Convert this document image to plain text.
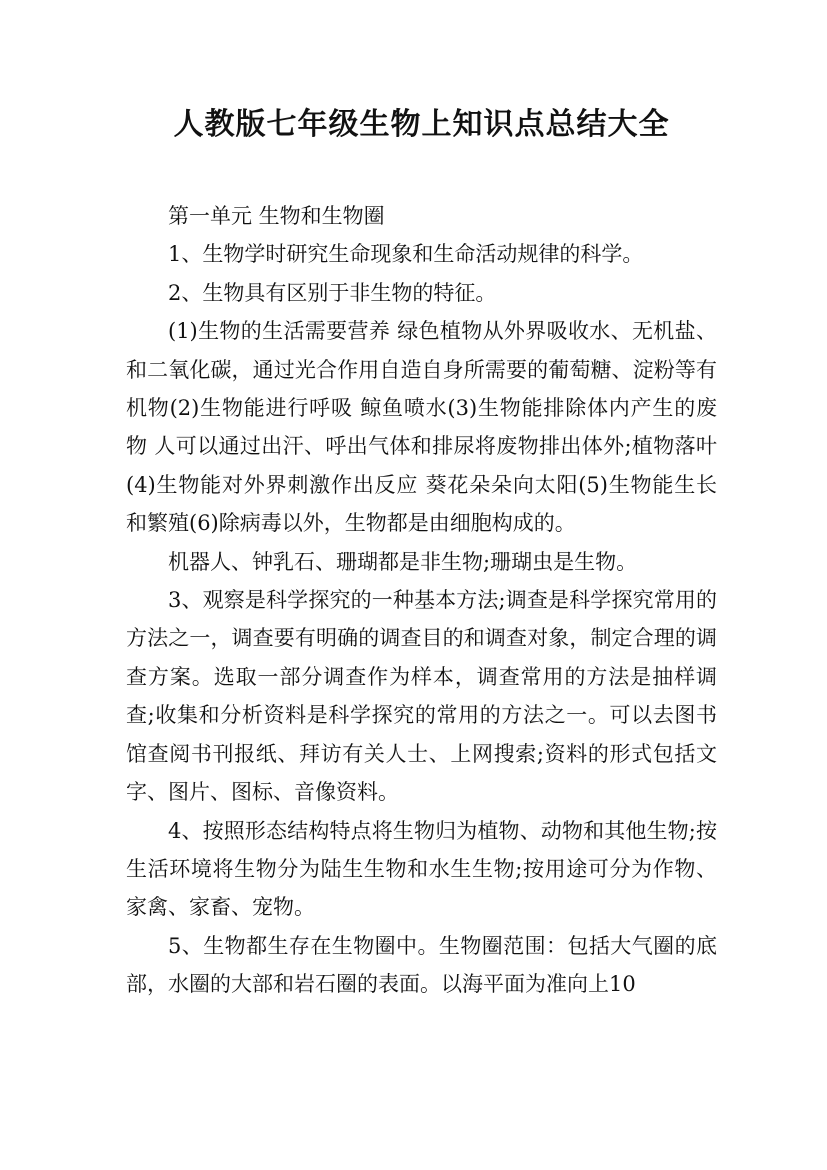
人教版七年级生物上知识点总结大全

第一单元 生物和生物圈

1、生物学时研究生命现象和生命活动规律的科学。

2、生物具有区别于非生物的特征。

(1)生物的生活需要营养 绿色植物从外界吸收水、无机盐、和二氧化碳，通过光合作用自造自身所需要的葡萄糖、淀粉等有机物(2)生物能进行呼吸 鲸鱼喷水(3)生物能排除体内产生的废物 人可以通过出汗、呼出气体和排尿将废物排出体外;植物落叶(4)生物能对外界刺激作出反应 葵花朵朵向太阳(5)生物能生长和繁殖(6)除病毒以外，生物都是由细胞构成的。

机器人、钟乳石、珊瑚都是非生物;珊瑚虫是生物。

3、观察是科学探究的一种基本方法;调查是科学探究常用的方法之一，调查要有明确的调查目的和调查对象，制定合理的调查方案。选取一部分调查作为样本，调查常用的方法是抽样调查;收集和分析资料是科学探究的常用的方法之一。可以去图书馆查阅书刊报纸、拜访有关人士、上网搜索;资料的形式包括文字、图片、图标、音像资料。

4、按照形态结构特点将生物归为植物、动物和其他生物;按生活环境将生物分为陆生生物和水生生物;按用途可分为作物、家禽、家畜、宠物。

5、生物都生存在生物圈中。生物圈范围：包括大气圈的底部，水圈的大部和岩石圈的表面。以海平面为准向上10
